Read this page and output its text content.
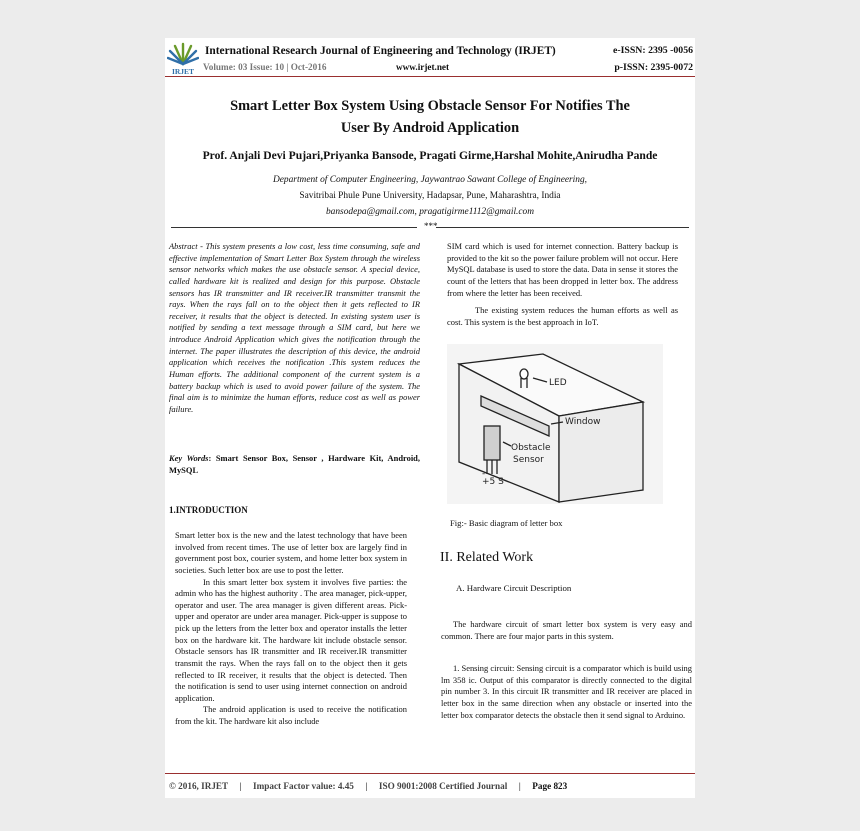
IRJET
International Research Journal of Engineering and Technology (IRJET)	e-ISSN: 2395 -0056
Volume: 03 Issue: 10 | Oct-2016	www.irjet.net	p-ISSN: 2395-0072
Smart Letter Box System Using Obstacle Sensor For Notifies The
User By Android Application
Prof. Anjali Devi Pujari,Priyanka Bansode, Pragati Girme,Harshal Mohite,Anirudha Pande
Department of Computer Engineering, Jaywantrao Sawant College of Engineering,
Savitribai Phule Pune University, Hadapsar, Pune, Maharashtra, India
bansodepa@gmail.com, pragatigirme1112@gmail.com
***

Abstract - This system presents a low cost, less time consuming, safe and effective implementation of Smart Letter Box System through the wireless sensor networks which makes the use obstacle sensor. A special device, called hardware kit is realized and design for this purpose. Obstacle sensors has IR transmitter and IR receiver.IR transmitter transmit the rays. When the rays fall on to the object then it gets reflected to IR receiver, it results that the object is detected. In existing system user is notified by sending a text message through a SIM card, but here we introduce Android Application which gives the notification through the internet. The paper illustrates the description of this device, the android application which receives the notification .This system reduces the Human efforts. The additional component of the current system is a battery backup which is used to avoid power failure of the system. The final aim is to minimize the human efforts, reduce cost as well as power failure.

Key Words: Smart Sensor Box, Sensor , Hardware Kit, Android, MySQL

1.INTRODUCTION

Smart letter box is the new and the latest technology that have been involved from recent times. The use of letter box are largely find in government post box, courier system, and home letter box system in societies. Such letter box are use to post the letter.

In this smart letter box system it involves five parties: the admin who has the highest authority . The area manager, pick-upper, operator and user. The area manager is given different areas. Pick-upper and operator are under area manager. Pick-upper is suppose to pick up the letters from the letter box and operator installs the letter box on the hardware kit. The hardware kit include obstacle sensor. Obstacle sensors has IR transmitter and IR receiver.IR transmitter transmit the rays. When the rays fall on to the object then it gets reflected to IR receiver, it results that the object is detected. Then the notification is send to user using internet connection on android application.

The android application is used to receive the notification from the kit. The hardware kit also include

SIM card which is used for internet connection. Battery backup is provided to the kit so the power failure problem will not occur. Here MySQL database is used to store the data. Data in sense it stores the count of the letters that has been dropped in letter box. The address from where the letter has been received.

The existing system reduces the human efforts as well as cost. This system is the best approach in IoT.

LED
Window
Obstacle
Sensor
+5 S
-
Fig:- Basic diagram of letter box
II. Related Work
A. Hardware Circuit Description

The hardware circuit of smart letter box system is very easy and common. There are four major parts in this system.

1. Sensing circuit: Sensing circuit is a comparator which is build using lm 358 ic. Output of this comparator is directly connected to the digital pin number 3. In this circuit IR transmitter and IR receiver are placed in letter box in the same direction when any obstacle or inserted into the letter box comparator detects the obstacle then it send signal to Arduino.

© 2016, IRJET     |     Impact Factor value: 4.45     |     ISO 9001:2008 Certified Journal     |     Page 823
